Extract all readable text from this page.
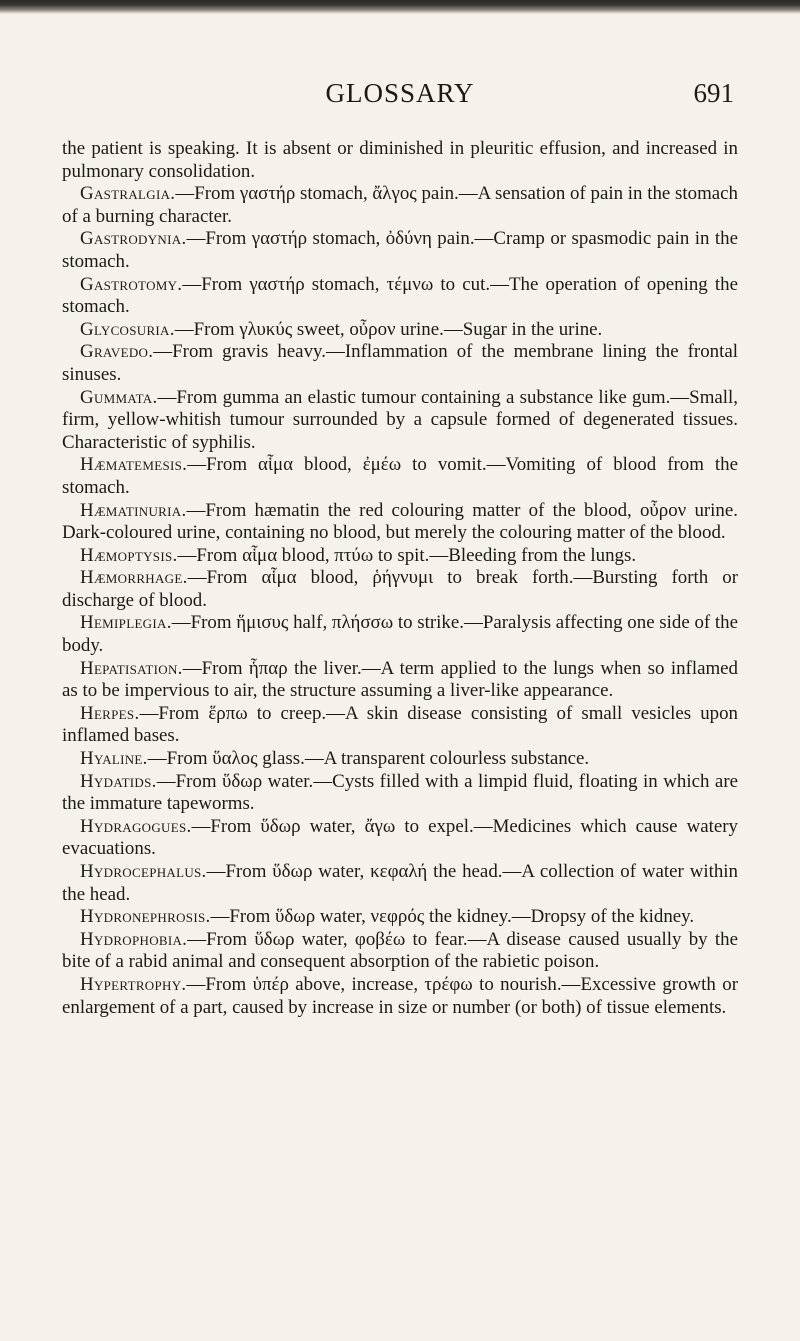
GLOSSARY	691

the patient is speaking. It is absent or diminished in pleuritic effusion, and increased in pulmonary consolidation.

Gastralgia.—From γαστήρ stomach, ἄλγος pain.—A sensation of pain in the stomach of a burning character.

Gastrodynia.—From γαστήρ stomach, ὀδύνη pain.—Cramp or spasmodic pain in the stomach.

Gastrotomy.—From γαστήρ stomach, τέμνω to cut.—The operation of opening the stomach.

Glycosuria.—From γλυκύς sweet, οὖρον urine.—Sugar in the urine.

Gravedo.—From gravis heavy.—Inflammation of the membrane lining the frontal sinuses.

Gummata.—From gumma an elastic tumour containing a substance like gum.—Small, firm, yellow-whitish tumour surrounded by a capsule formed of degenerated tissues. Characteristic of syphilis.

Hæmatemesis.—From αἷμα blood, ἐμέω to vomit.—Vomiting of blood from the stomach.

Hæmatinuria.—From hæmatin the red colouring matter of the blood, οὖρον urine. Dark-coloured urine, containing no blood, but merely the colouring matter of the blood.

Hæmoptysis.—From αἷμα blood, πτύω to spit.—Bleeding from the lungs.

Hæmorrhage.—From αἷμα blood, ῥήγνυμι to break forth.—Bursting forth or discharge of blood.

Hemiplegia.—From ἥμισυς half, πλήσσω to strike.—Paralysis affecting one side of the body.

Hepatisation.—From ἧπαρ the liver.—A term applied to the lungs when so inflamed as to be impervious to air, the structure assuming a liver-like appearance.

Herpes.—From ἕρπω to creep.—A skin disease consisting of small vesicles upon inflamed bases.

Hyaline.—From ὕαλος glass.—A transparent colourless substance.

Hydatids.—From ὕδωρ water.—Cysts filled with a limpid fluid, floating in which are the immature tapeworms.

Hydragogues.—From ὕδωρ water, ἄγω to expel.—Medicines which cause watery evacuations.

Hydrocephalus.—From ὕδωρ water, κεφαλή the head.—A collection of water within the head.

Hydronephrosis.—From ὕδωρ water, νεφρός the kidney.—Dropsy of the kidney.

Hydrophobia.—From ὕδωρ water, φοβέω to fear.—A disease caused usually by the bite of a rabid animal and consequent absorption of the rabietic poison.

Hypertrophy.—From ὑπέρ above, increase, τρέφω to nourish.—Excessive growth or enlargement of a part, caused by increase in size or number (or both) of tissue elements.
